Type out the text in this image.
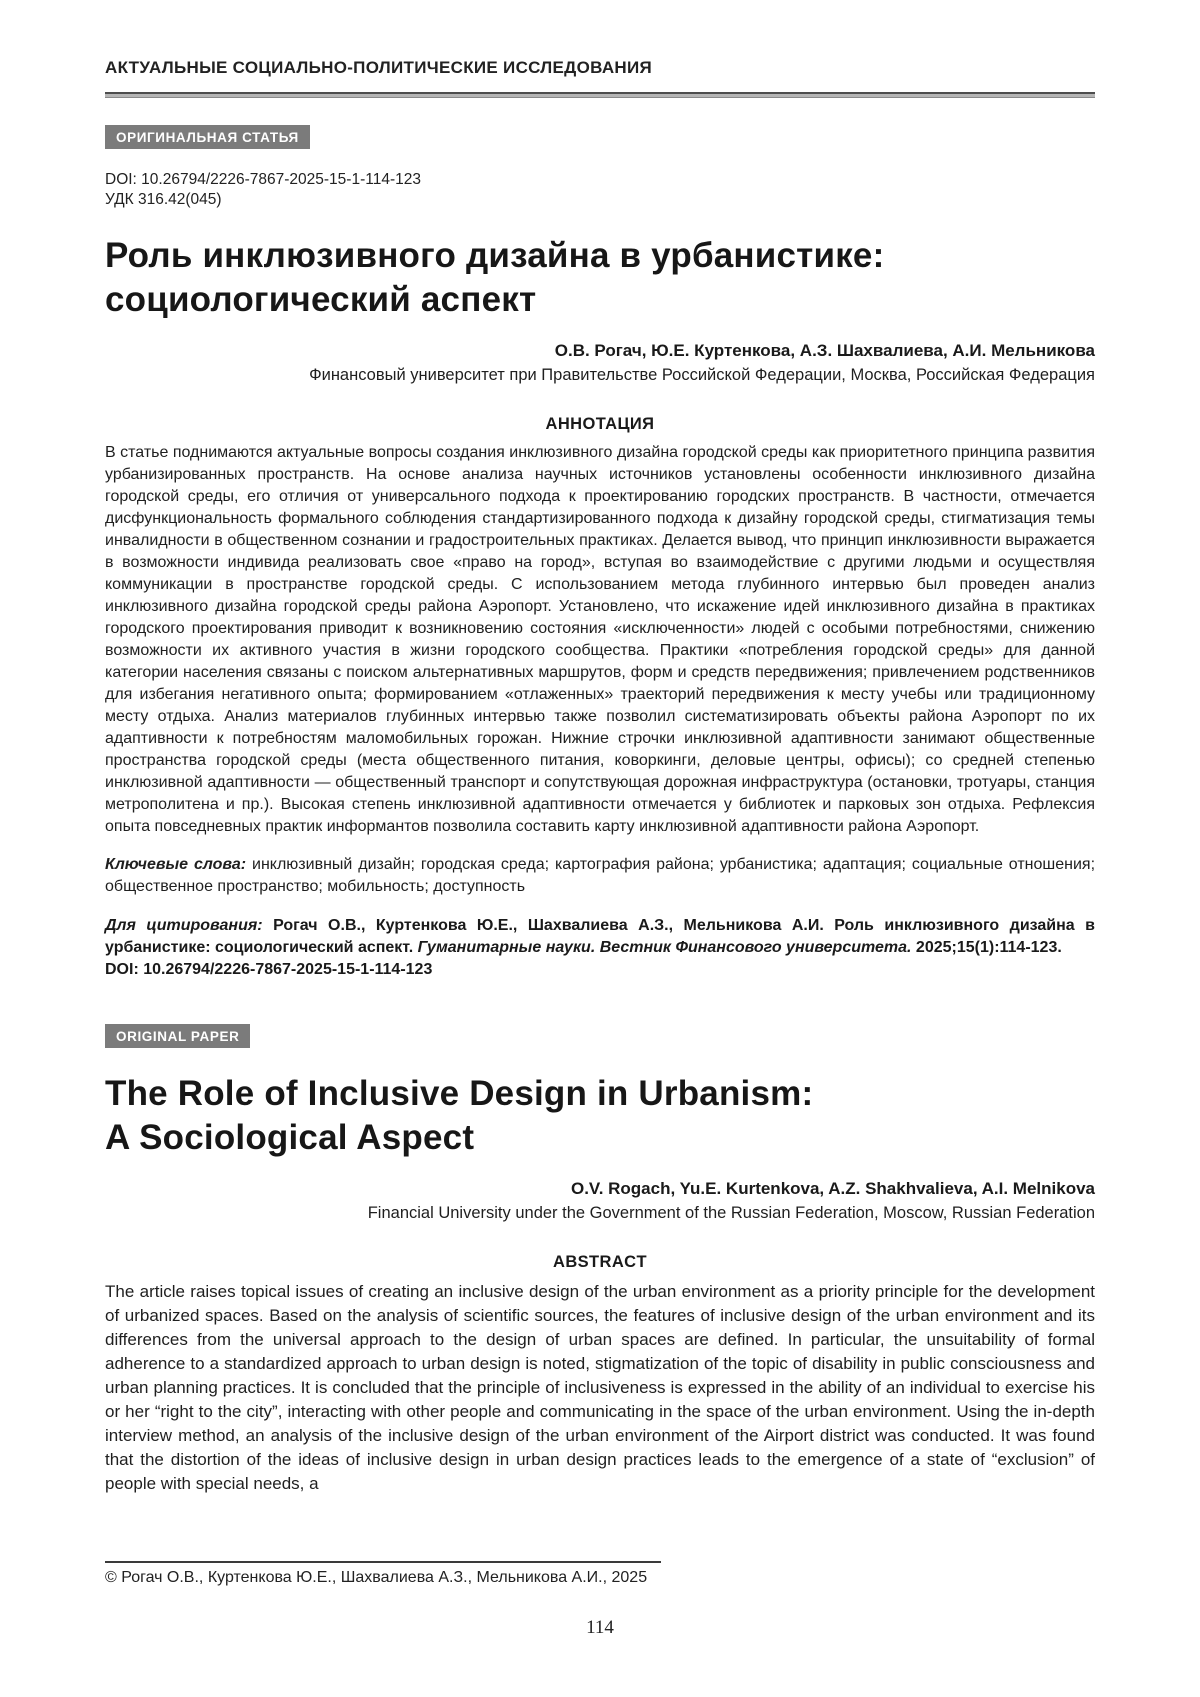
АКТУАЛЬНЫЕ СОЦИАЛЬНО-ПОЛИТИЧЕСКИЕ ИССЛЕДОВАНИЯ
ОРИГИНАЛЬНАЯ СТАТЬЯ
DOI: 10.26794/2226-7867-2025-15-1-114-123
УДК 316.42(045)
Роль инклюзивного дизайна в урбанистике:
социологический аспект
О.В. Рогач, Ю.Е. Куртенкова, А.З. Шахвалиева, А.И. Мельникова
Финансовый университет при Правительстве Российской Федерации, Москва, Российская Федерация
АННОТАЦИЯ

В статье поднимаются актуальные вопросы создания инклюзивного дизайна городской среды как приоритетного принципа развития урбанизированных пространств. На основе анализа научных источников установлены особенности инклюзивного дизайна городской среды, его отличия от универсального подхода к проектированию городских пространств. В частности, отмечается дисфункциональность формального соблюдения стандартизированного подхода к дизайну городской среды, стигматизация темы инвалидности в общественном сознании и градостроительных практиках. Делается вывод, что принцип инклюзивности выражается в возможности индивида реализовать свое «право на город», вступая во взаимодействие с другими людьми и осуществляя коммуникации в пространстве городской среды. С использованием метода глубинного интервью был проведен анализ инклюзивного дизайна городской среды района Аэропорт. Установлено, что искажение идей инклюзивного дизайна в практиках городского проектирования приводит к возникновению состояния «исключенности» людей с особыми потребностями, снижению возможности их активного участия в жизни городского сообщества. Практики «потребления городской среды» для данной категории населения связаны с поиском альтернативных маршрутов, форм и средств передвижения; привлечением родственников для избегания негативного опыта; формированием «отлаженных» траекторий передвижения к месту учебы или традиционному месту отдыха. Анализ материалов глубинных интервью также позволил систематизировать объекты района Аэропорт по их адаптивности к потребностям маломобильных горожан. Нижние строчки инклюзивной адаптивности занимают общественные пространства городской среды (места общественного питания, коворкинги, деловые центры, офисы); со средней степенью инклюзивной адаптивности — общественный транспорт и сопутствующая дорожная инфраструктура (остановки, тротуары, станция метрополитена и пр.). Высокая степень инклюзивной адаптивности отмечается у библиотек и парковых зон отдыха. Рефлексия опыта повседневных практик информантов позволила составить карту инклюзивной адаптивности района Аэропорт.

Ключевые слова: инклюзивный дизайн; городская среда; картография района; урбанистика; адаптация; социальные отношения; общественное пространство; мобильность; доступность

Для цитирования: Рогач О.В., Куртенкова Ю.Е., Шахвалиева А.З., Мельникова А.И. Роль инклюзивного дизайна в урбанистике: социологический аспект. Гуманитарные науки. Вестник Финансового университета. 2025;15(1):114-123.
DOI: 10.26794/2226-7867-2025-15-1-114-123

ORIGINAL PAPER
The Role of Inclusive Design in Urbanism:
A Sociological Aspect
O.V. Rogach, Yu.E. Kurtenkova, A.Z. Shakhvalieva, A.I. Melnikova
Financial University under the Government of the Russian Federation, Moscow, Russian Federation
ABSTRACT

The article raises topical issues of creating an inclusive design of the urban environment as a priority principle for the development of urbanized spaces. Based on the analysis of scientific sources, the features of inclusive design of the urban environment and its differences from the universal approach to the design of urban spaces are defined. In particular, the unsuitability of formal adherence to a standardized approach to urban design is noted, stigmatization of the topic of disability in public consciousness and urban planning practices. It is concluded that the principle of inclusiveness is expressed in the ability of an individual to exercise his or her “right to the city”, interacting with other people and communicating in the space of the urban environment. Using the in-depth interview method, an analysis of the inclusive design of the urban environment of the Airport district was conducted. It was found that the distortion of the ideas of inclusive design in urban design practices leads to the emergence of a state of “exclusion” of people with special needs, a

© Рогач О.В., Куртенкова Ю.Е., Шахвалиева А.З., Мельникова А.И., 2025
114
